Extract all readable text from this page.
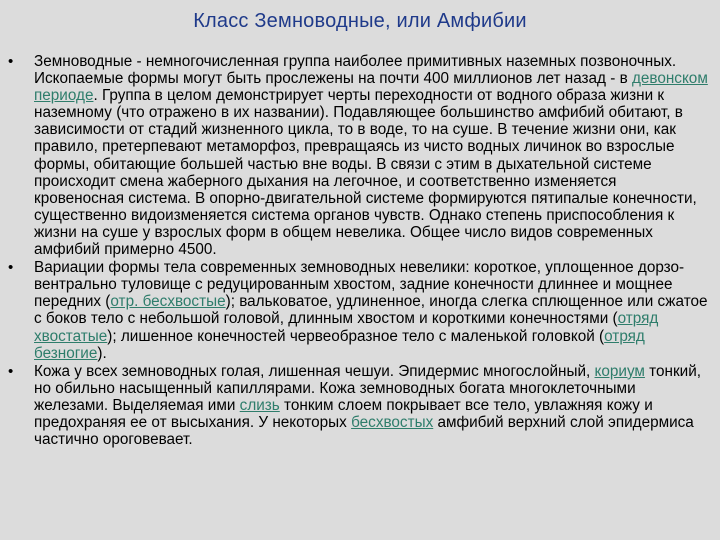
Класс Земноводные, или Амфибии
• Земноводные - немногочисленная группа наиболее примитивных наземных позвоночных. Ископаемые формы могут быть прослежены на почти 400 миллионов лет назад - в девонском периоде. Группа в целом демонстрирует черты переходности от водного образа жизни к наземному (что отражено в их названии). Подавляющее большинство амфибий обитают, в зависимости от стадий жизненного цикла, то в воде, то на суше. В течение жизни они, как правило, претерпевают метаморфоз, превращаясь из чисто водных личинок во взрослые формы, обитающие большей частью вне воды. В связи с этим в дыхательной системе происходит смена жаберного дыхания на легочное, и соответственно изменяется кровеносная система. В опорно-двигательной системе формируются пятипалые конечности, существенно видоизменяется система органов чувств. Однако степень приспособления к жизни на суше у взрослых форм в общем невелика. Общее число видов современных амфибий примерно 4500.
• Вариации формы тела современных земноводных невелики: короткое, уплощенное дорзо-вентрально туловище с редуцированным хвостом, задние конечности длиннее и мощнее передних (отр. бесхвостые); вальковатое, удлиненное, иногда слегка сплющенное или сжатое с боков тело с небольшой головой, длинным хвостом и короткими конечностями (отряд хвостатые); лишенное конечностей червеобразное тело с маленькой головкой (отряд безногие).
• Кожа у всех земноводных голая, лишенная чешуи. Эпидермис многослойный, кориум тонкий, но обильно насыщенный капиллярами. Кожа земноводных богата многоклеточными железами. Выделяемая ими слизь тонким слоем покрывает все тело, увлажняя кожу и предохраняя ее от высыхания. У некоторых бесхвостых амфибий верхний слой эпидермиса частично ороговевает.
